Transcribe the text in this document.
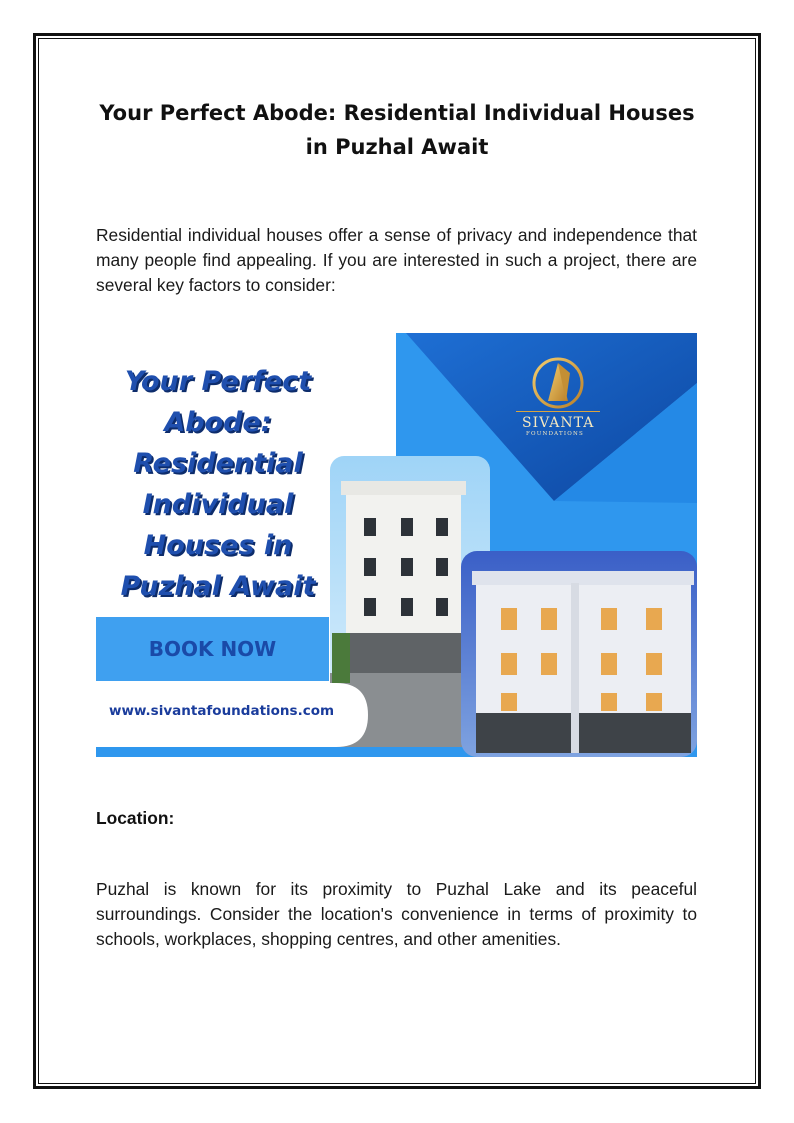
Your Perfect Abode: Residential Individual Houses in Puzhal Await

Residential individual houses offer a sense of privacy and independence that many people find appealing. If you are interested in such a project, there are several key factors to consider:

Your Perfect Abode: Residential Individual Houses in Puzhal Await
BOOK NOW
www.sivantafoundations.com

SIVANTA

FOUNDATIONS

Location:

Puzhal is known for its proximity to Puzhal Lake and its peaceful surroundings. Consider the location's convenience in terms of proximity to schools, workplaces, shopping centres, and other amenities.
